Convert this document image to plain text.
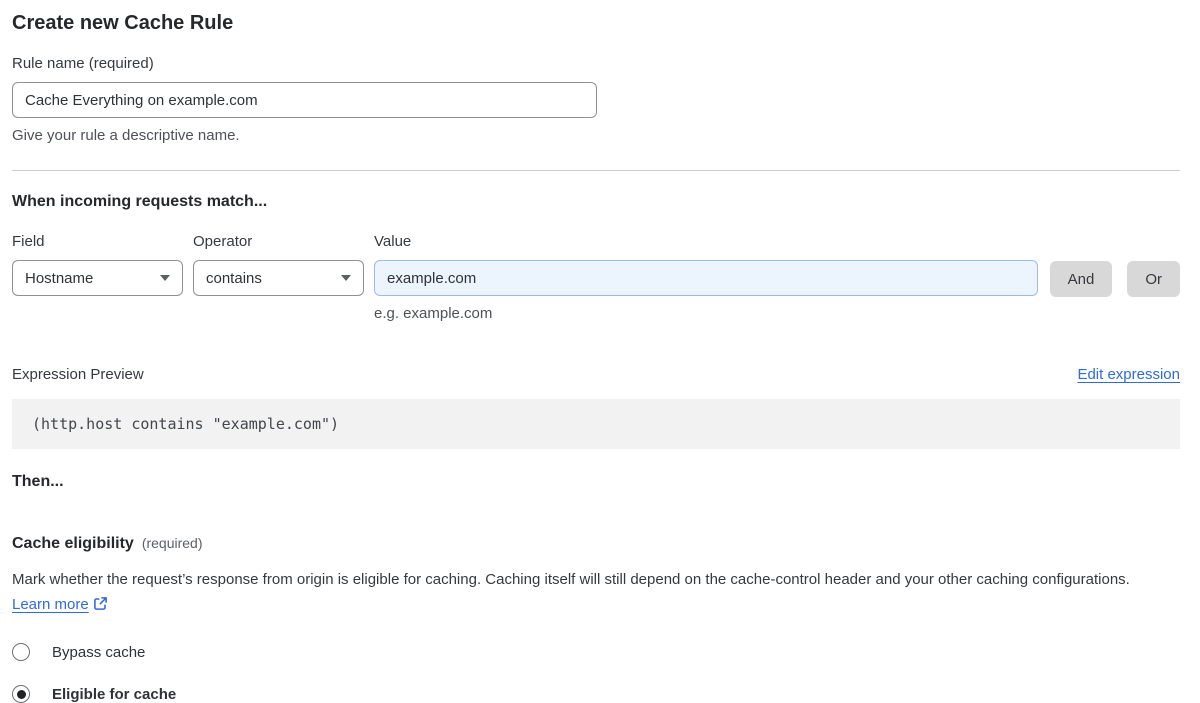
Create new Cache Rule
Rule name (required)
Cache Everything on example.com
Give your rule a descriptive name.
When incoming requests match...
Field
Hostname
Operator
contains
Value
example.com
e.g. example.com
And	Or
Expression Preview	Edit expression
(http.host contains "example.com")
Then...
Cache eligibility (required)

Mark whether the request’s response from origin is eligible for caching. Caching itself will still depend on the cache-control header and your other caching configurations. Learn more

Bypass cache
Eligible for cache
